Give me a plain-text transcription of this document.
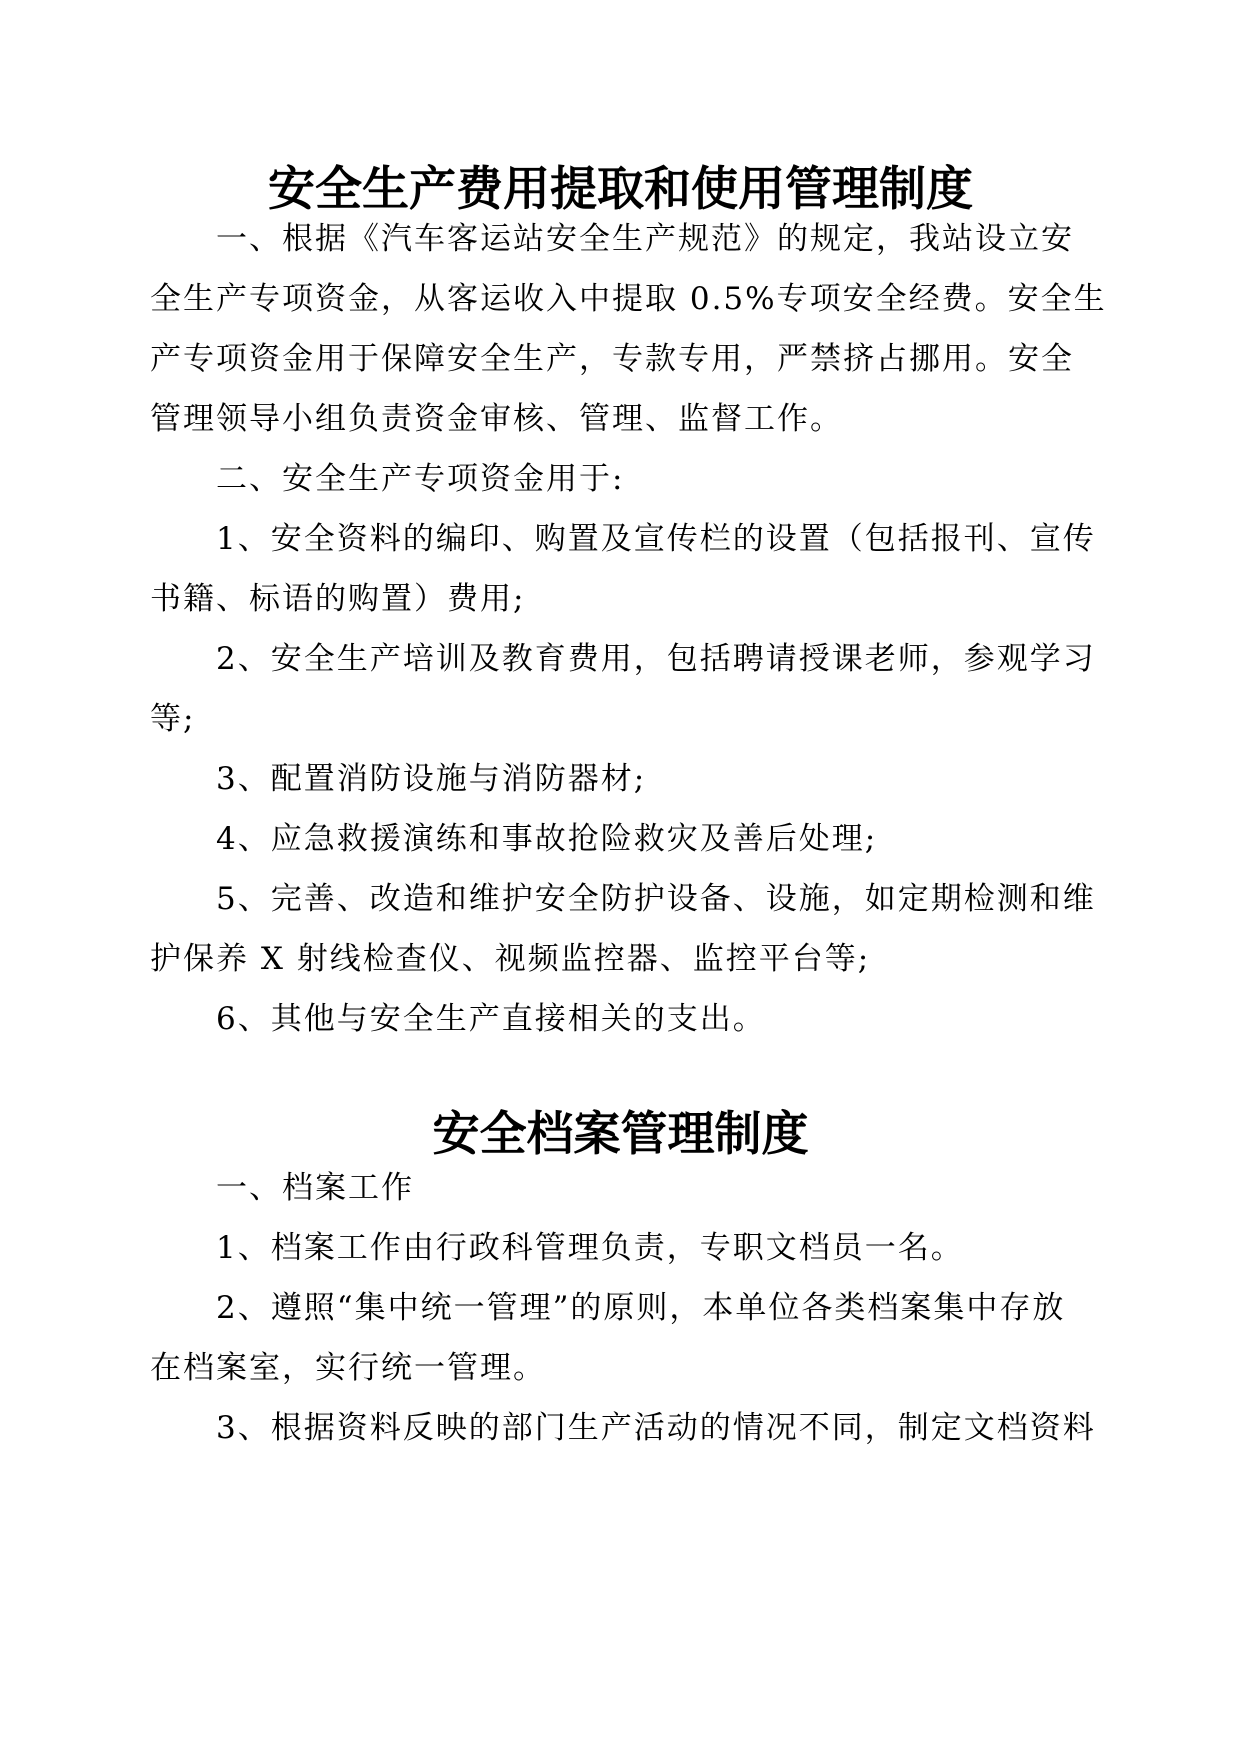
安全生产费用提取和使用管理制度

一、根据《汽车客运站安全生产规范》的规定，我站设立安

全生产专项资金，从客运收入中提取 0.5%专项安全经费。安全生

产专项资金用于保障安全生产，专款专用，严禁挤占挪用。安全

管理领导小组负责资金审核、管理、监督工作。

二、安全生产专项资金用于:

1、安全资料的编印、购置及宣传栏的设置（包括报刊、宣传

书籍、标语的购置）费用;

2、安全生产培训及教育费用，包括聘请授课老师，参观学习

等;

3、配置消防设施与消防器材;

4、应急救援演练和事故抢险救灾及善后处理;

5、完善、改造和维护安全防护设备、设施，如定期检测和维

护保养 X 射线检查仪、视频监控器、监控平台等;

6、其他与安全生产直接相关的支出。

安全档案管理制度

一、档案工作

1、档案工作由行政科管理负责，专职文档员一名。

2、遵照“集中统一管理”的原则，本单位各类档案集中存放

在档案室，实行统一管理。

3、根据资料反映的部门生产活动的情况不同，制定文档资料
